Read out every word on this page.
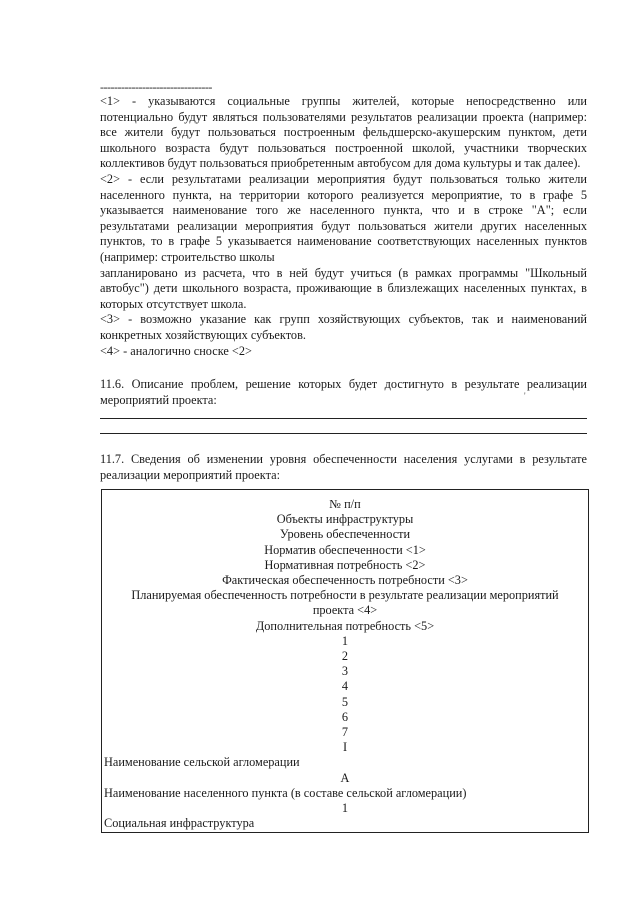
--------------------------------

<1> - указываются социальные группы жителей, которые непосредственно или потенциально будут являться пользователями результатов реализации проекта (например: все жители будут пользоваться построенным фельдшерско-акушерским пунктом, дети школьного возраста будут пользоваться построенной школой, участники творческих коллективов будут пользоваться приобретенным автобусом для дома культуры и так далее).

<2> - если результатами реализации мероприятия будут пользоваться только жители населенного пункта, на территории которого реализуется мероприятие, то в графе 5 указывается наименование того же населенного пункта, что и в строке "А"; если результатами реализации мероприятия будут пользоваться жители других населенных пунктов, то в графе 5 указывается наименование соответствующих населенных пунктов (например: строительство школы

запланировано из расчета, что в ней будут учиться (в рамках программы "Школьный автобус") дети школьного возраста, проживающие в близлежащих населенных пунктах, в которых отсутствует школа.

<3> - возможно указание как групп хозяйствующих субъектов, так и наименований конкретных хозяйствующих субъектов.

<4> - аналогично сноске <2>

11.6. Описание проблем, решение которых будет достигнуто в результате реализации мероприятий проекта:	'

11.7. Сведения об изменении уровня обеспеченности населения услугами в результате реализации мероприятий проекта:

№ п/п
Объекты инфраструктуры
Уровень обеспеченности
Норматив обеспеченности <1>
Нормативная потребность <2>
Фактическая обеспеченность потребности <3>
Планируемая обеспеченность потребности в результате реализации мероприятий
проекта <4>
Дополнительная потребность <5>
1
2
3
4
5
6
7
I
Наименование сельской агломерации
А
Наименование населенного пункта (в составе сельской агломерации)
1
Социальная инфраструктура
